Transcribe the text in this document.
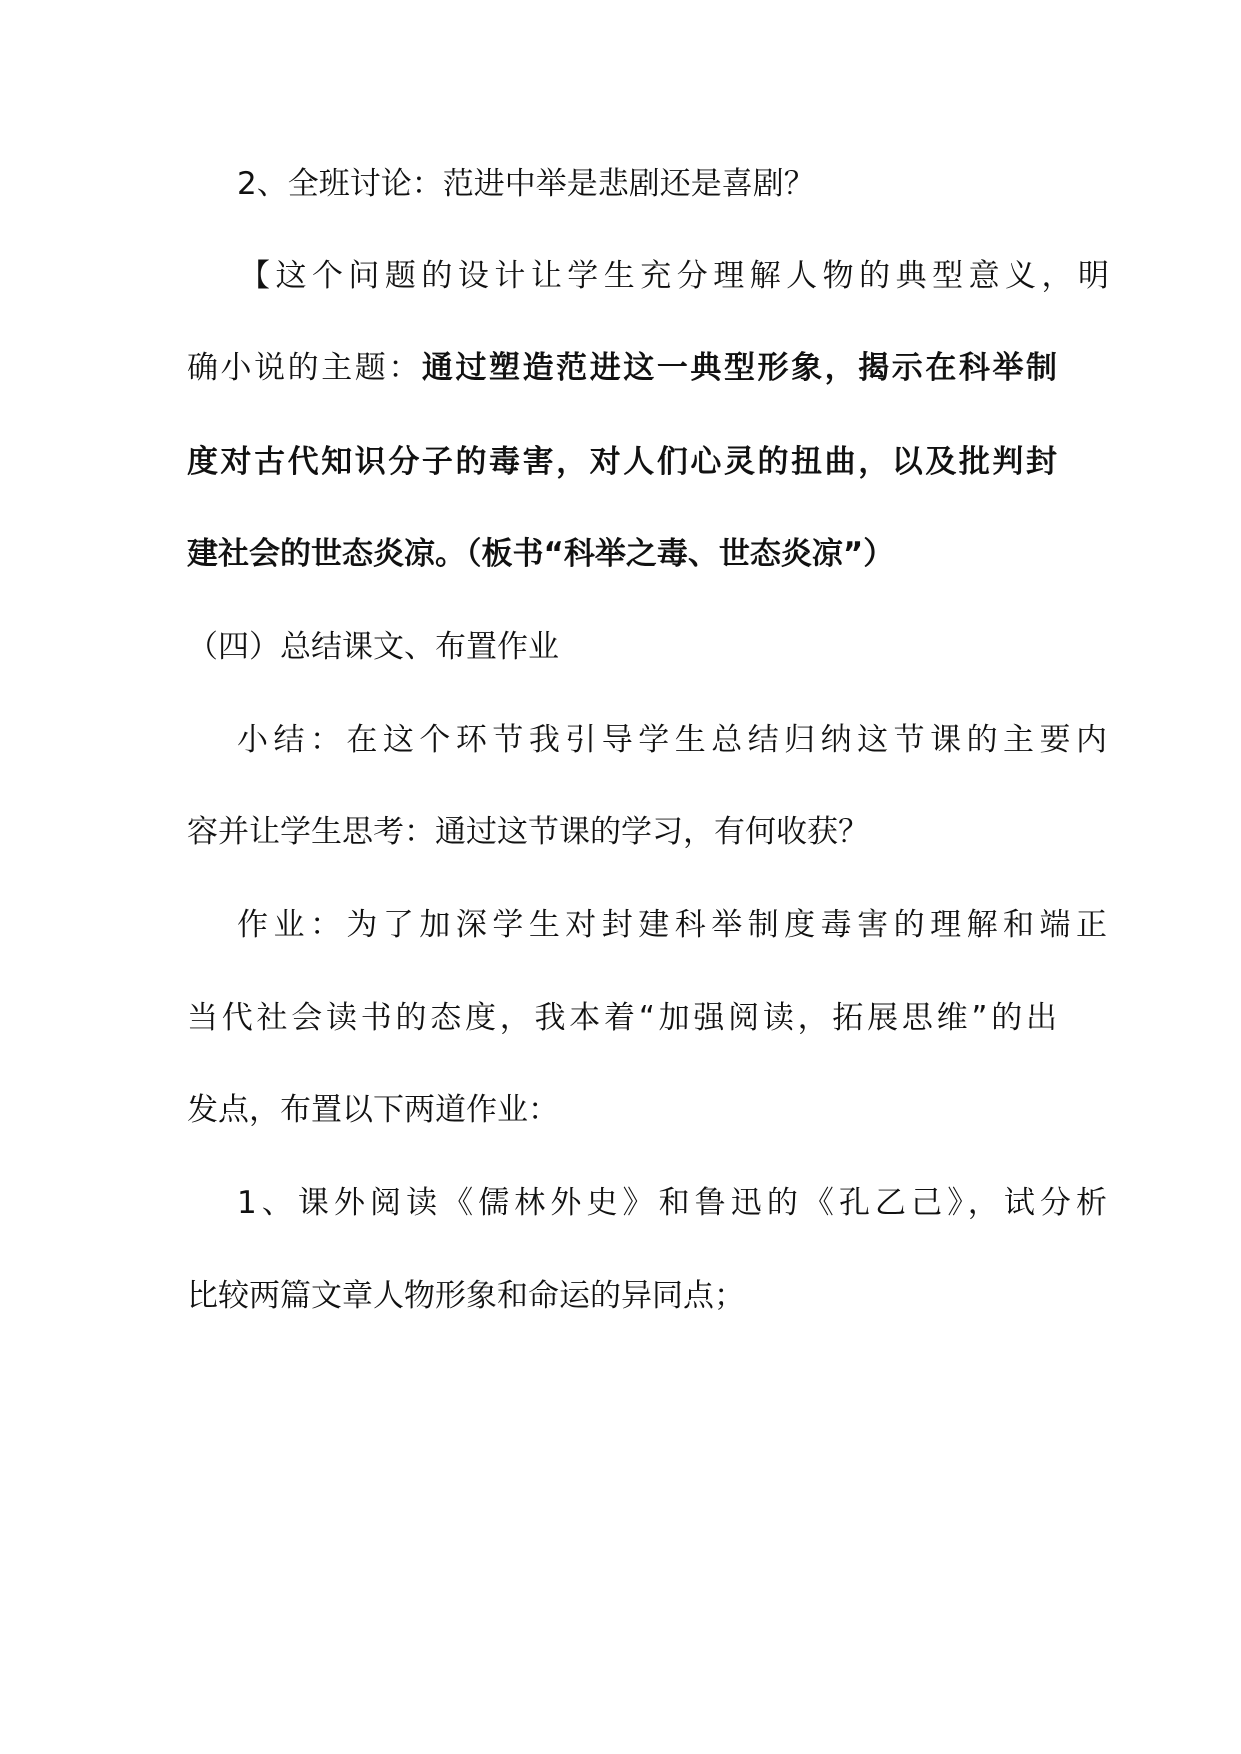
2、全班讨论：范进中举是悲剧还是喜剧？
【这个问题的设计让学生充分理解人物的典型意义，明
确小说的主题：通过塑造范进这一典型形象，揭示在科举制
度对古代知识分子的毒害，对人们心灵的扭曲，以及批判封
建社会的世态炎凉。（板书“科举之毒、世态炎凉”）
（四）总结课文、布置作业
小结：在这个环节我引导学生总结归纳这节课的主要内
容并让学生思考：通过这节课的学习，有何收获？
作业：为了加深学生对封建科举制度毒害的理解和端正
当代社会读书的态度，我本着“加强阅读，拓展思维”的出
发点，布置以下两道作业：
1、课外阅读《儒林外史》和鲁迅的《孔乙己》，试分析
比较两篇文章人物形象和命运的异同点；
